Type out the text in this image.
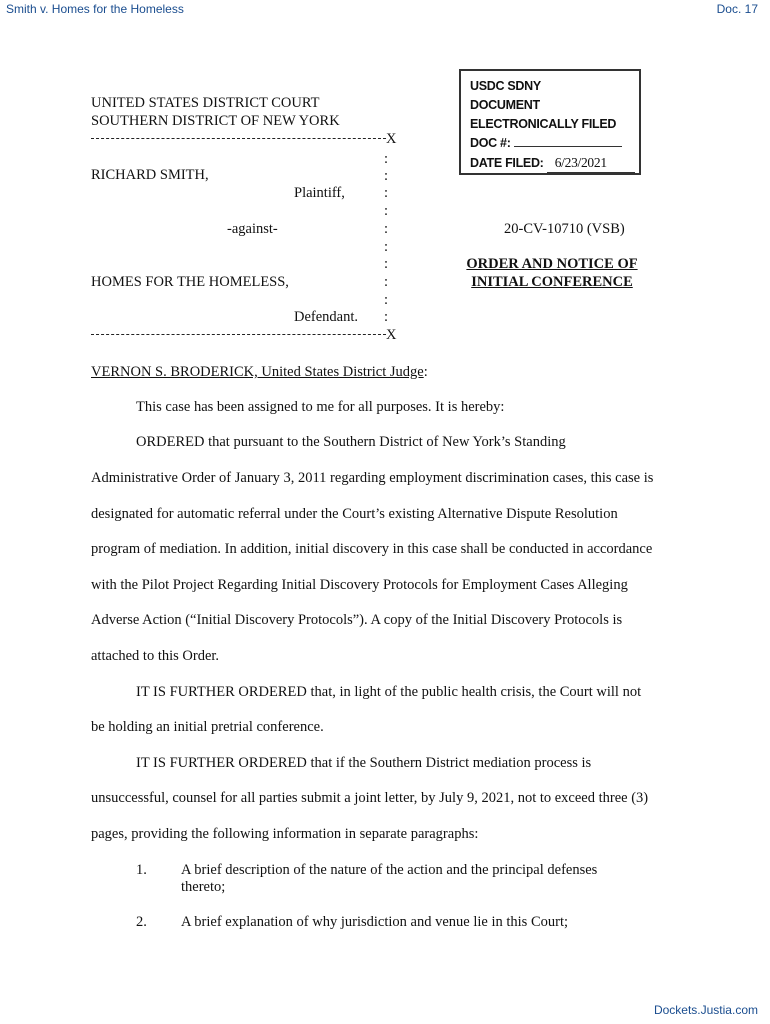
Smith v. Homes for the Homeless	Doc. 17
UNITED STATES DISTRICT COURT
SOUTHERN DISTRICT OF NEW YORK
X
:
:
:
:
:
:
:
:
:
:
RICHARD SMITH,
Plaintiff,
-against-
HOMES FOR THE HOMELESS,
Defendant.
X
USDC SDNY
DOCUMENT
ELECTRONICALLY FILED
DOC #:
DATE FILED: 6/23/2021
20-CV-10710 (VSB)
ORDER AND NOTICE OF
INITIAL CONFERENCE
VERNON S. BRODERICK, United States District Judge:
This case has been assigned to me for all purposes. It is hereby:
ORDERED that pursuant to the Southern District of New York’s Standing
Administrative Order of January 3, 2011 regarding employment discrimination cases, this case is
designated for automatic referral under the Court’s existing Alternative Dispute Resolution
program of mediation. In addition, initial discovery in this case shall be conducted in accordance
with the Pilot Project Regarding Initial Discovery Protocols for Employment Cases Alleging
Adverse Action (“Initial Discovery Protocols”). A copy of the Initial Discovery Protocols is
attached to this Order.
IT IS FURTHER ORDERED that, in light of the public health crisis, the Court will not
be holding an initial pretrial conference.
IT IS FURTHER ORDERED that if the Southern District mediation process is
unsuccessful, counsel for all parties submit a joint letter, by July 9, 2021, not to exceed three (3)
pages, providing the following information in separate paragraphs:
1. A brief description of the nature of the action and the principal defenses
thereto;
2. A brief explanation of why jurisdiction and venue lie in this Court;
Dockets.Justia.com
